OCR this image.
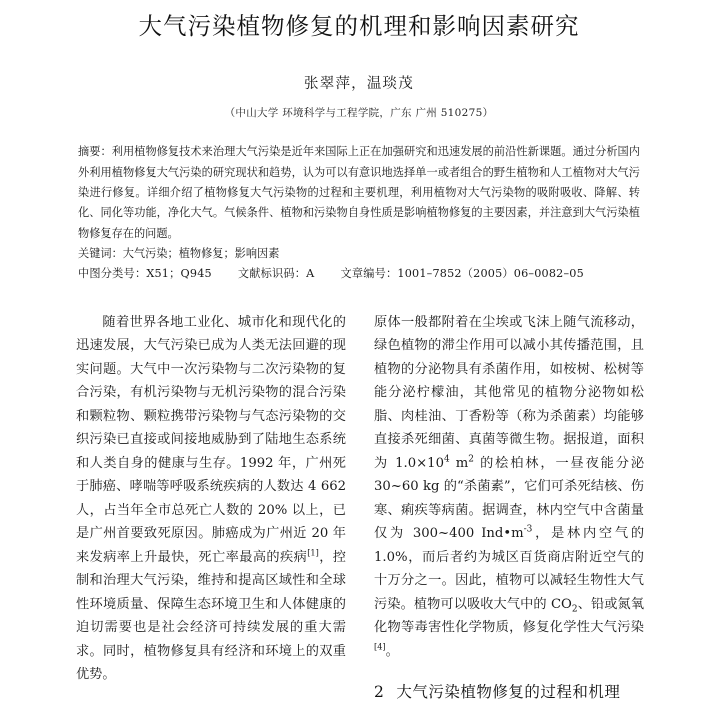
大气污染植物修复的机理和影响因素研究
张翠萍，温琰茂
（中山大学 环境科学与工程学院，广东 广州 510275）

摘要：利用植物修复技术来治理大气污染是近年来国际上正在加强研究和迅速发展的前沿性新课题。通过分析国内外利用植物修复大气污染的研究现状和趋势，认为可以有意识地选择单一或者组合的野生植物和人工植物对大气污染进行修复。详细介绍了植物修复大气污染物的过程和主要机理，利用植物对大气污染物的吸附吸收、降解、转化、同化等功能，净化大气。气候条件、植物和污染物自身性质是影响植物修复的主要因素，并注意到大气污染植物修复存在的问题。

关键词：大气污染；植物修复；影响因素

中图分类号：X51；Q945 文献标识码：A 文章编号：1001–7852（2005）06–0082–05

随着世界各地工业化、城市化和现代化的迅速发展，大气污染已成为人类无法回避的现实问题。大气中一次污染物与二次污染物的复合污染，有机污染物与无机污染物的混合污染和颗粒物、颗粒携带污染物与气态污染物的交织污染已直接或间接地威胁到了陆地生态系统和人类自身的健康与生存。1992 年，广州死于肺癌、哮喘等呼吸系统疾病的人数达 4 662 人，占当年全市总死亡人数的 20% 以上，已是广州首要致死原因。肺癌成为广州近 20 年来发病率上升最快，死亡率最高的疾病[1]，控制和治理大气污染，维持和提高区域性和全球性环境质量、保障生态环境卫生和人体健康的迫切需要也是社会经济可持续发展的重大需求。同时，植物修复具有经济和环境上的双重优势。

原体一般都附着在尘埃或飞沫上随气流移动，绿色植物的滞尘作用可以减小其传播范围，且植物的分泌物具有杀菌作用，如桉树、松树等能分泌柠檬油，其他常见的植物分泌物如松脂、肉桂油、丁香粉等（称为杀菌素）均能够直接杀死细菌、真菌等微生物。据报道，面积为 $1.0\times 10^4$ $m^2$ 的桧柏林，一昼夜能分泌 30~60 kg 的“杀菌素”，它们可杀死结核、伤寒、痢疾等病菌。据调查，林内空气中含菌量仅为 300~400 $Ind•m^{-3}$，是林内空气的 1.0%，而后者约为城区百货商店附近空气的十万分之一。因此，植物可以减轻生物性大气污染。植物可以吸收大气中的 $CO_2$、铅或氮氧化物等毒害性化学物质，修复化学性大气污染[4]。

2 大气污染植物修复的过程和机理
